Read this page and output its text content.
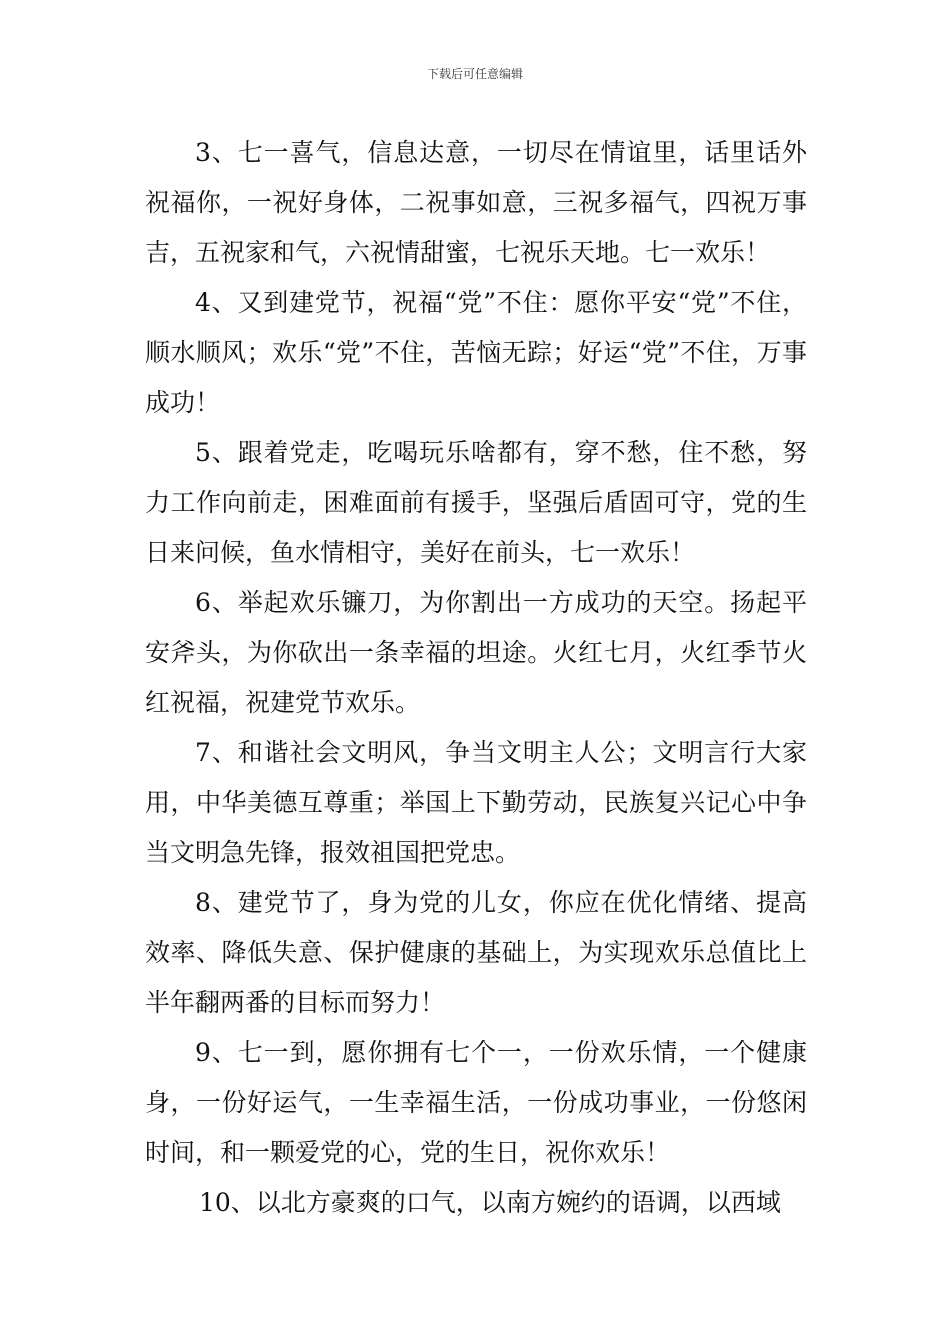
下载后可任意编辑

3、七一喜气，信息达意，一切尽在情谊里，话里话外祝福你，一祝好身体，二祝事如意，三祝多福气，四祝万事吉，五祝家和气，六祝情甜蜜，七祝乐天地。七一欢乐！

4、又到建党节，祝福“党”不住：愿你平安“党”不住，顺水顺风；欢乐“党”不住，苦恼无踪；好运“党”不住，万事成功！

5、跟着党走，吃喝玩乐啥都有，穿不愁，住不愁，努力工作向前走，困难面前有援手，坚强后盾固可守，党的生日来问候，鱼水情相守，美好在前头，七一欢乐！

6、举起欢乐镰刀，为你割出一方成功的天空。扬起平安斧头，为你砍出一条幸福的坦途。火红七月，火红季节火红祝福，祝建党节欢乐。

7、和谐社会文明风，争当文明主人公；文明言行大家用，中华美德互尊重；举国上下勤劳动，民族复兴记心中争当文明急先锋，报效祖国把党忠。

8、建党节了，身为党的儿女，你应在优化情绪、提高效率、降低失意、保护健康的基础上，为实现欢乐总值比上半年翻两番的目标而努力！

9、七一到，愿你拥有七个一，一份欢乐情，一个健康身，一份好运气，一生幸福生活，一份成功事业，一份悠闲时间，和一颗爱党的心，党的生日，祝你欢乐！

10、以北方豪爽的口气，以南方婉约的语调，以西域
